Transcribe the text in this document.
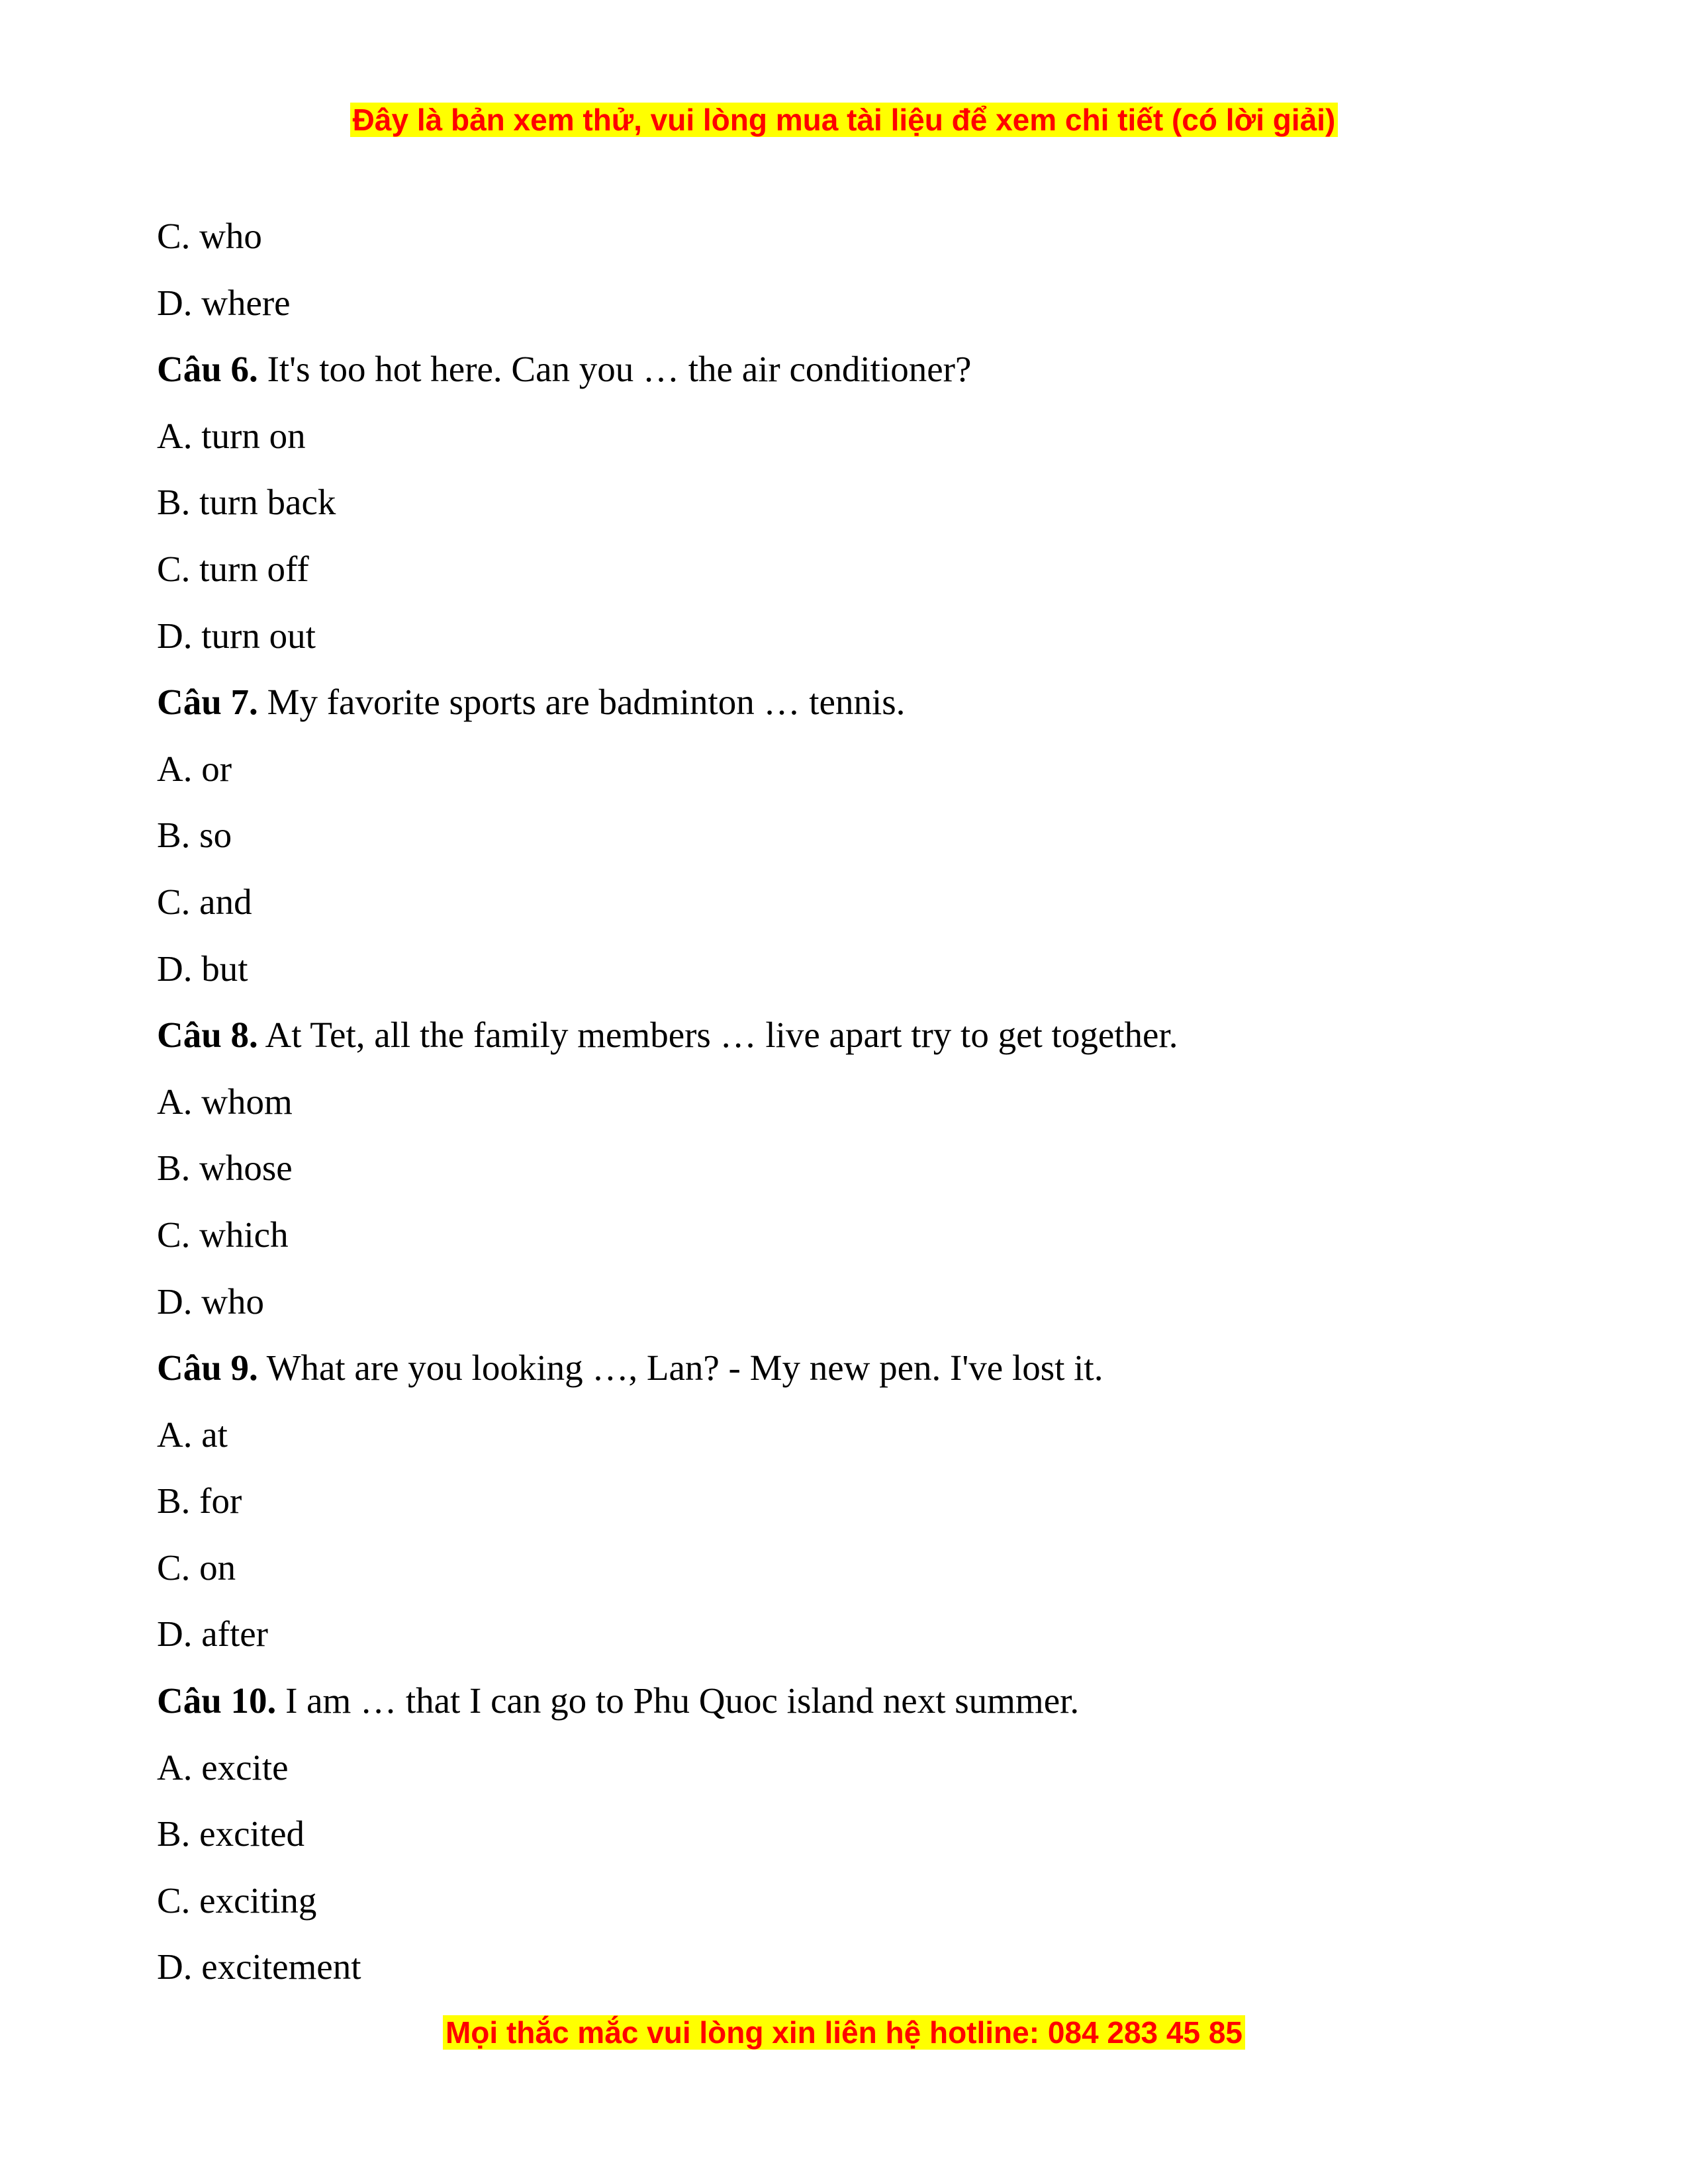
Đây là bản xem thử, vui lòng mua tài liệu để xem chi tiết (có lời giải)
C. who
D. where
Câu 6. It's too hot here. Can you … the air conditioner?
A. turn on
B. turn back
C. turn off
D. turn out
Câu 7. My favorite sports are badminton … tennis.
A. or
B. so
C. and
D. but
Câu 8. At Tet, all the family members … live apart try to get together.
A. whom
B. whose
C. which
D. who
Câu 9. What are you looking …, Lan? - My new pen. I've lost it.
A. at
B. for
C. on
D. after
Câu 10. I am … that I can go to Phu Quoc island next summer.
A. excite
B. excited
C. exciting
D. excitement
Mọi thắc mắc vui lòng xin liên hệ hotline: 084 283 45 85
